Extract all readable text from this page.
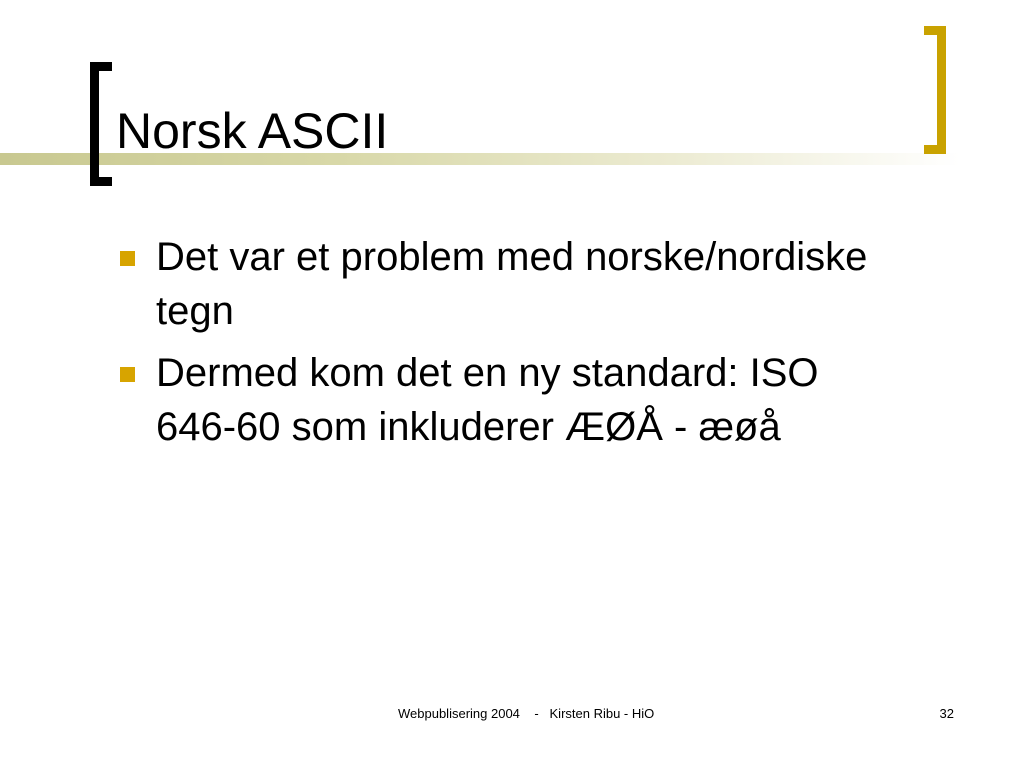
Norsk ASCII
Det var et problem med norske/nordiske tegn
Dermed kom det en ny standard: ISO 646-60 som inkluderer ÆØÅ - æøå
Webpublisering 2004    -   Kirsten Ribu - HiO	32
